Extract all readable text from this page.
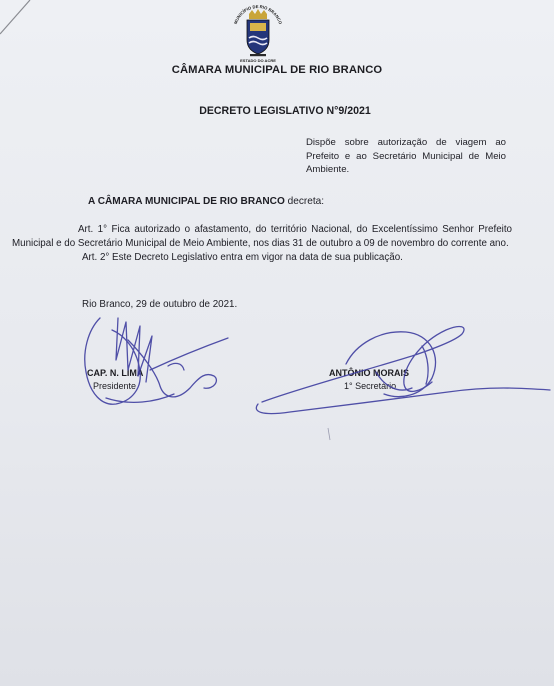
MUNICÍPIO DE RIO BRANCO
ESTADO DO ACRE
CÂMARA MUNICIPAL DE RIO BRANCO
DECRETO LEGISLATIVO N°9/2021
Dispõe sobre autorização de viagem ao Prefeito e ao Secretário Municipal de Meio Ambiente.
A CÂMARA MUNICIPAL DE RIO BRANCO decreta:
Art. 1° Fica autorizado o afastamento, do território Nacional, do Excelentíssimo Senhor Prefeito Municipal e do Secretário Municipal de Meio Ambiente, nos dias 31 de outubro a 09 de novembro do corrente ano.
Art. 2° Este Decreto Legislativo entra em vigor na data de sua publicação.
Rio Branco, 29 de outubro de 2021.
CAP. N. LIMA
Presidente
ANTÔNIO MORAIS
1° Secretário
